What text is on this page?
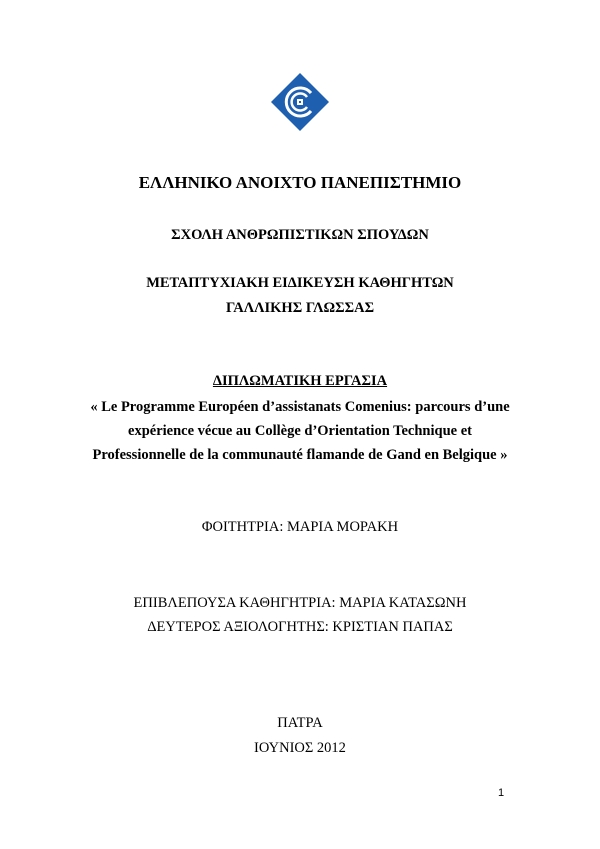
ΕΛΛΗΝΙΚΟ ΑΝΟΙΧΤΟ ΠΑΝΕΠΙΣΤΗΜΙΟ
ΣΧΟΛΗ ΑΝΘΡΩΠΙΣΤΙΚΩΝ ΣΠΟΥΔΩΝ
ΜΕΤΑΠΤΥΧΙΑΚΗ ΕΙΔΙΚΕΥΣΗ ΚΑΘΗΓΗΤΩΝ
ΓΑΛΛΙΚΗΣ ΓΛΩΣΣΑΣ
ΔΙΠΛΩΜΑΤΙΚΗ ΕΡΓΑΣΙΑ
« Le Programme Européen d’assistanats Comenius: parcours d’une
expérience vécue au Collège d’Orientation Technique et
Professionnelle de la communauté flamande de Gand en Belgique »
ΦΟΙΤΗΤΡΙΑ: ΜΑΡΙΑ ΜΟΡΑΚΗ
ΕΠΙΒΛΕΠΟΥΣΑ ΚΑΘΗΓΗΤΡΙΑ: ΜΑΡΙΑ ΚΑΤΑΣΩΝΗ
ΔΕΥΤΕΡΟΣ ΑΞΙΟΛΟΓΗΤΗΣ: ΚΡΙΣΤΙΑΝ ΠΑΠΑΣ
ΠΑΤΡΑ
ΙΟΥΝΙΟΣ 2012
1
